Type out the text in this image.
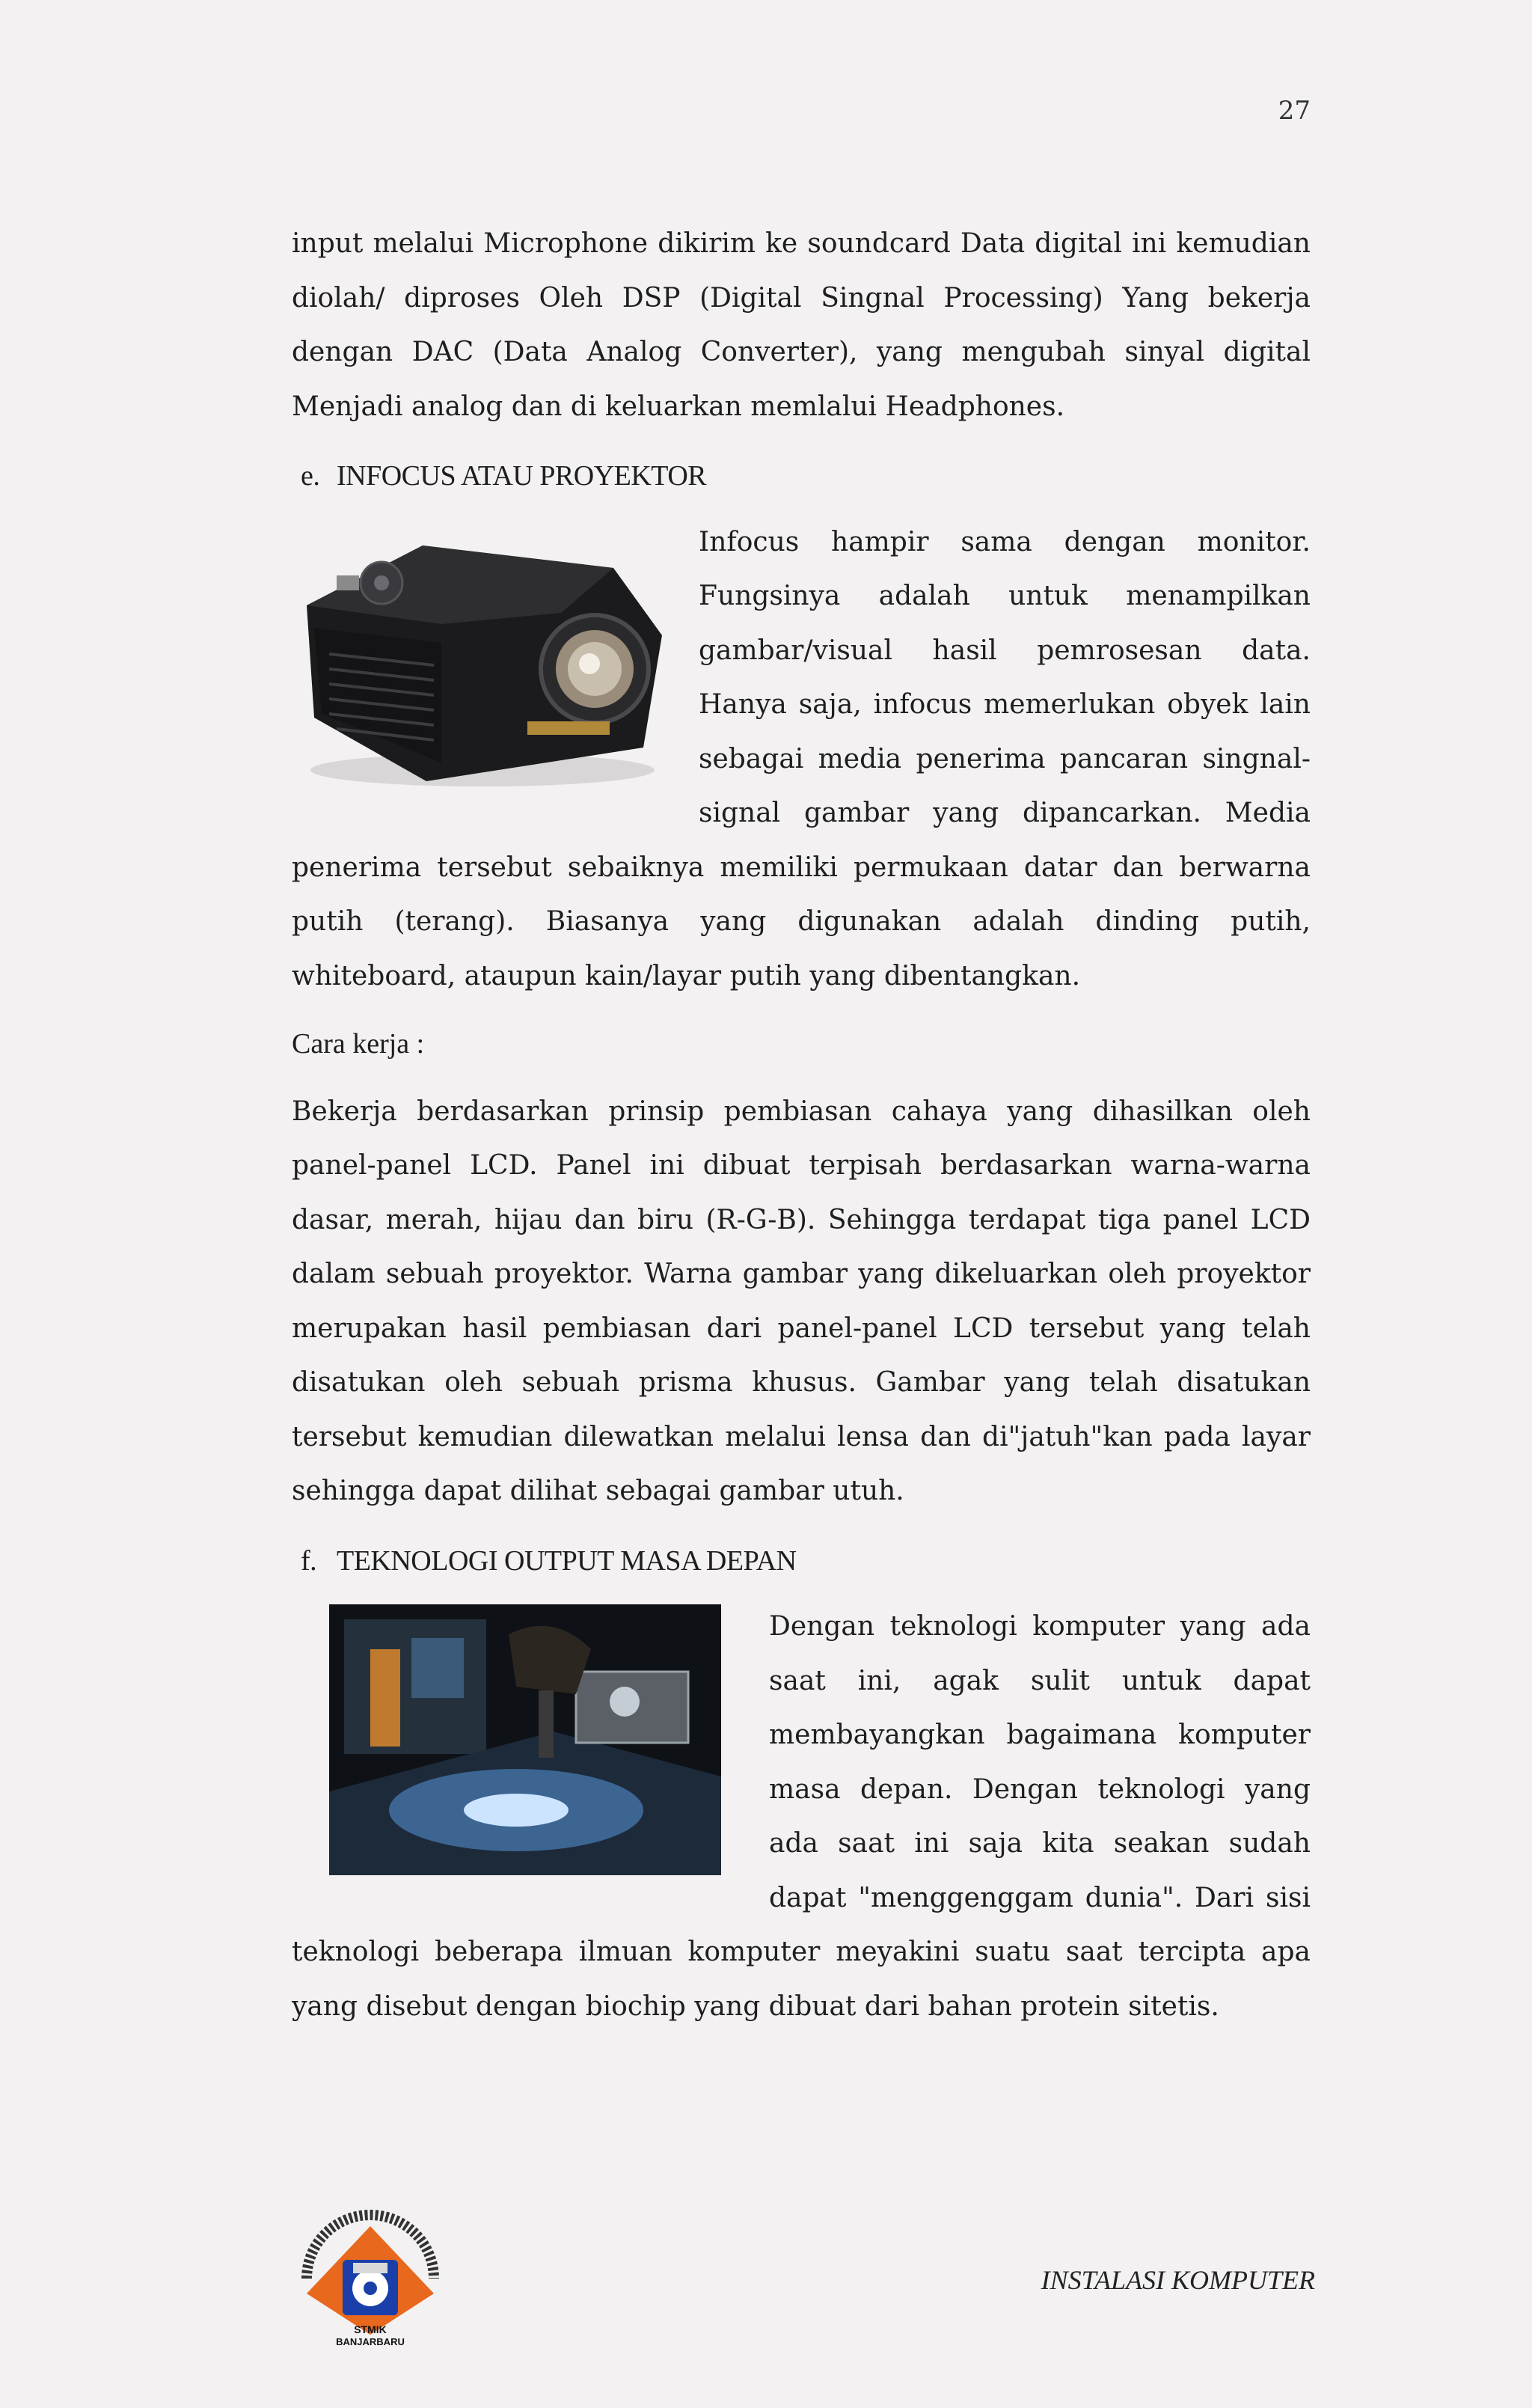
27

input melalui Microphone dikirim ke soundcard Data digital ini kemudian diolah/ diproses Oleh DSP (Digital Singnal Processing) Yang bekerja dengan DAC (Data Analog Converter), yang mengubah sinyal digital Menjadi analog dan di keluarkan memlalui Headphones.

e. INFOCUS ATAU PROYEKTOR

Infocus hampir sama dengan monitor. Fungsinya adalah untuk menampilkan gambar/visual hasil pemrosesan data. Hanya saja, infocus memerlukan obyek lain sebagai media penerima pancaran singnal-signal gambar yang dipancarkan. Media penerima tersebut sebaiknya memiliki permukaan datar dan berwarna putih (terang). Biasanya yang digunakan adalah dinding putih, whiteboard, ataupun kain/layar putih yang dibentangkan.

Cara kerja :

Bekerja berdasarkan prinsip pembiasan cahaya yang dihasilkan oleh panel-panel LCD. Panel ini dibuat terpisah berdasarkan warna-warna dasar, merah, hijau dan biru (R-G-B). Sehingga terdapat tiga panel LCD dalam sebuah proyektor. Warna gambar yang dikeluarkan oleh proyektor merupakan hasil pembiasan dari panel-panel LCD tersebut yang telah disatukan oleh sebuah prisma khusus. Gambar yang telah disatukan tersebut kemudian dilewatkan melalui lensa dan di"jatuh"kan pada layar sehingga dapat dilihat sebagai gambar utuh.

f. TEKNOLOGI OUTPUT MASA DEPAN

Dengan teknologi komputer yang ada saat ini, agak sulit untuk dapat membayangkan bagaimana komputer masa depan. Dengan teknologi yang ada saat ini saja kita seakan sudah dapat "menggenggam dunia". Dari sisi teknologi beberapa ilmuan komputer meyakini suatu saat tercipta apa yang disebut dengan biochip yang dibuat dari bahan protein sitetis.

STMIK
BANJARBARU
INSTALASI KOMPUTER
